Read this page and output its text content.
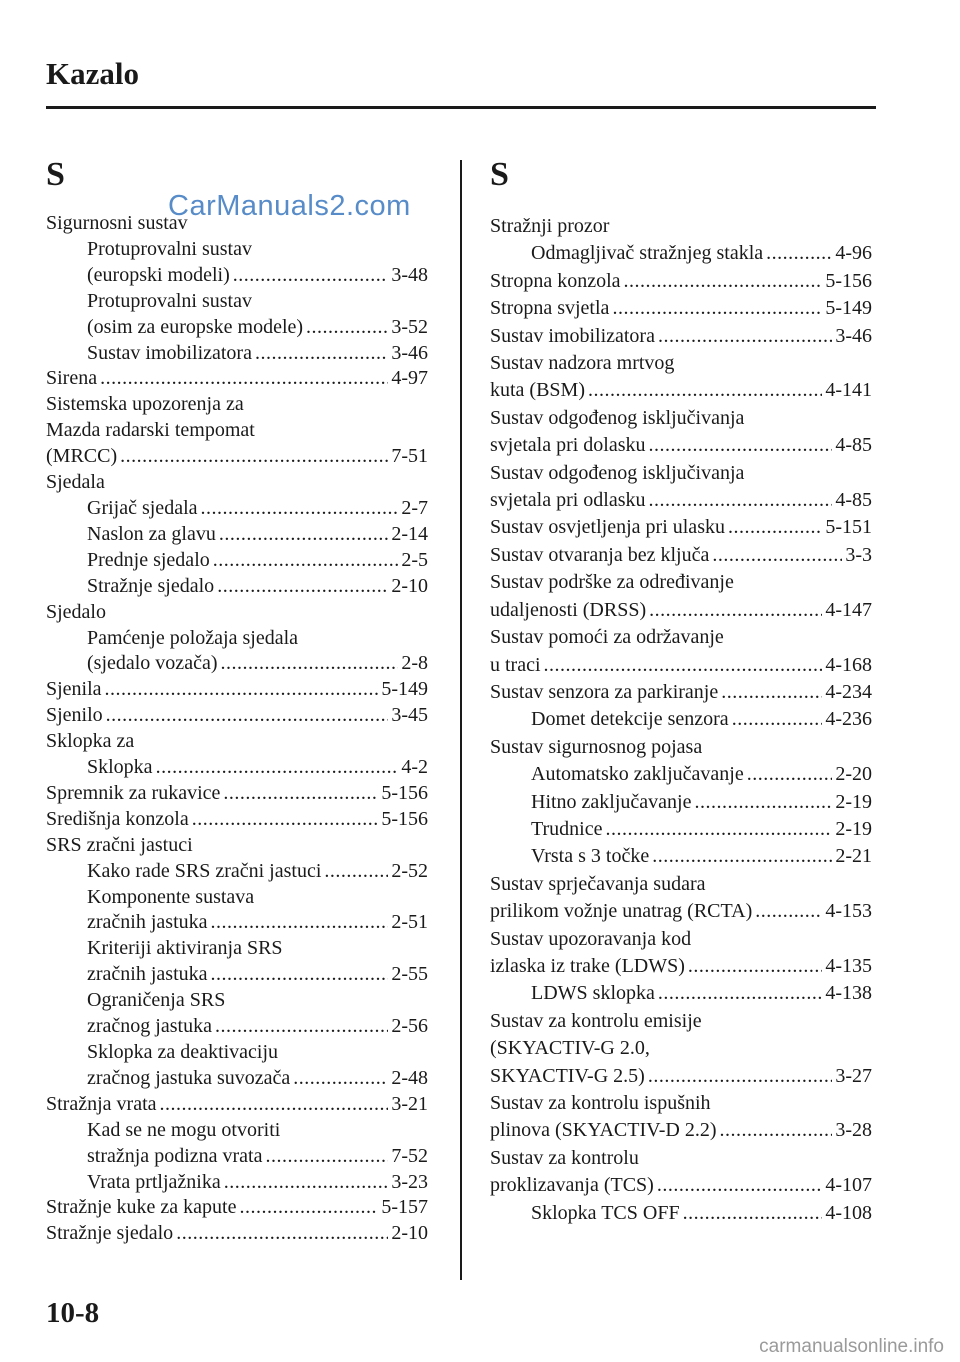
Kazalo
CarManuals2.com
S
Sigurnosni sustav
Protuprovalni sustav
(europski modeli) .....	3-48
Protuprovalni sustav
(osim za europske modele) .....	3-52
Sustav imobilizatora .....	3-46
Sirena .....	4-97
Sistemska upozorenja za
Mazda radarski tempomat
(MRCC) .....	7-51
Sjedala
Grijač sjedala .....	2-7
Naslon za glavu .....	2-14
Prednje sjedalo .....	2-5
Stražnje sjedalo .....	2-10
Sjedalo
Pamćenje položaja sjedala
(sjedalo vozača) .....	2-8
Sjenila .....	5-149
Sjenilo .....	3-45
Sklopka za
Sklopka .....	4-2
Spremnik za rukavice .....	5-156
Središnja konzola .....	5-156
SRS zračni jastuci
Kako rade SRS zračni jastuci .....	2-52
Komponente sustava
zračnih jastuka .....	2-51
Kriteriji aktiviranja SRS
zračnih jastuka .....	2-55
Ograničenja SRS
zračnog jastuka .....	2-56
Sklopka za deaktivaciju
zračnog jastuka suvozača .....	2-48
Stražnja vrata .....	3-21
Kad se ne mogu otvoriti
stražnja podizna vrata .....	7-52
Vrata prtljažnika .....	3-23
Stražnje kuke za kapute .....	5-157
Stražnje sjedalo .....	2-10
S
Stražnji prozor
Odmagljivač stražnjeg stakla .....	4-96
Stropna konzola .....	5-156
Stropna svjetla .....	5-149
Sustav imobilizatora .....	3-46
Sustav nadzora mrtvog
kuta (BSM) .....	4-141
Sustav odgođenog isključivanja
svjetala pri dolasku .....	4-85
Sustav odgođenog isključivanja
svjetala pri odlasku .....	4-85
Sustav osvjetljenja pri ulasku .....	5-151
Sustav otvaranja bez ključa .....	3-3
Sustav podrške za određivanje
udaljenosti (DRSS) .....	4-147
Sustav pomoći za održavanje
u traci .....	4-168
Sustav senzora za parkiranje .....	4-234
Domet detekcije senzora .....	4-236
Sustav sigurnosnog pojasa
Automatsko zaključavanje .....	2-20
Hitno zaključavanje .....	2-19
Trudnice .....	2-19
Vrsta s 3 točke .....	2-21
Sustav sprječavanja sudara
prilikom vožnje unatrag (RCTA) .....	4-153
Sustav upozoravanja kod
izlaska iz trake (LDWS) .....	4-135
LDWS sklopka .....	4-138
Sustav za kontrolu emisije
(SKYACTIV-G 2.0,
SKYACTIV-G 2.5) .....	3-27
Sustav za kontrolu ispušnih
plinova (SKYACTIV-D 2.2) .....	3-28
Sustav za kontrolu
proklizavanja (TCS) .....	4-107
Sklopka TCS OFF .....	4-108
10-8
carmanualsonline.info
